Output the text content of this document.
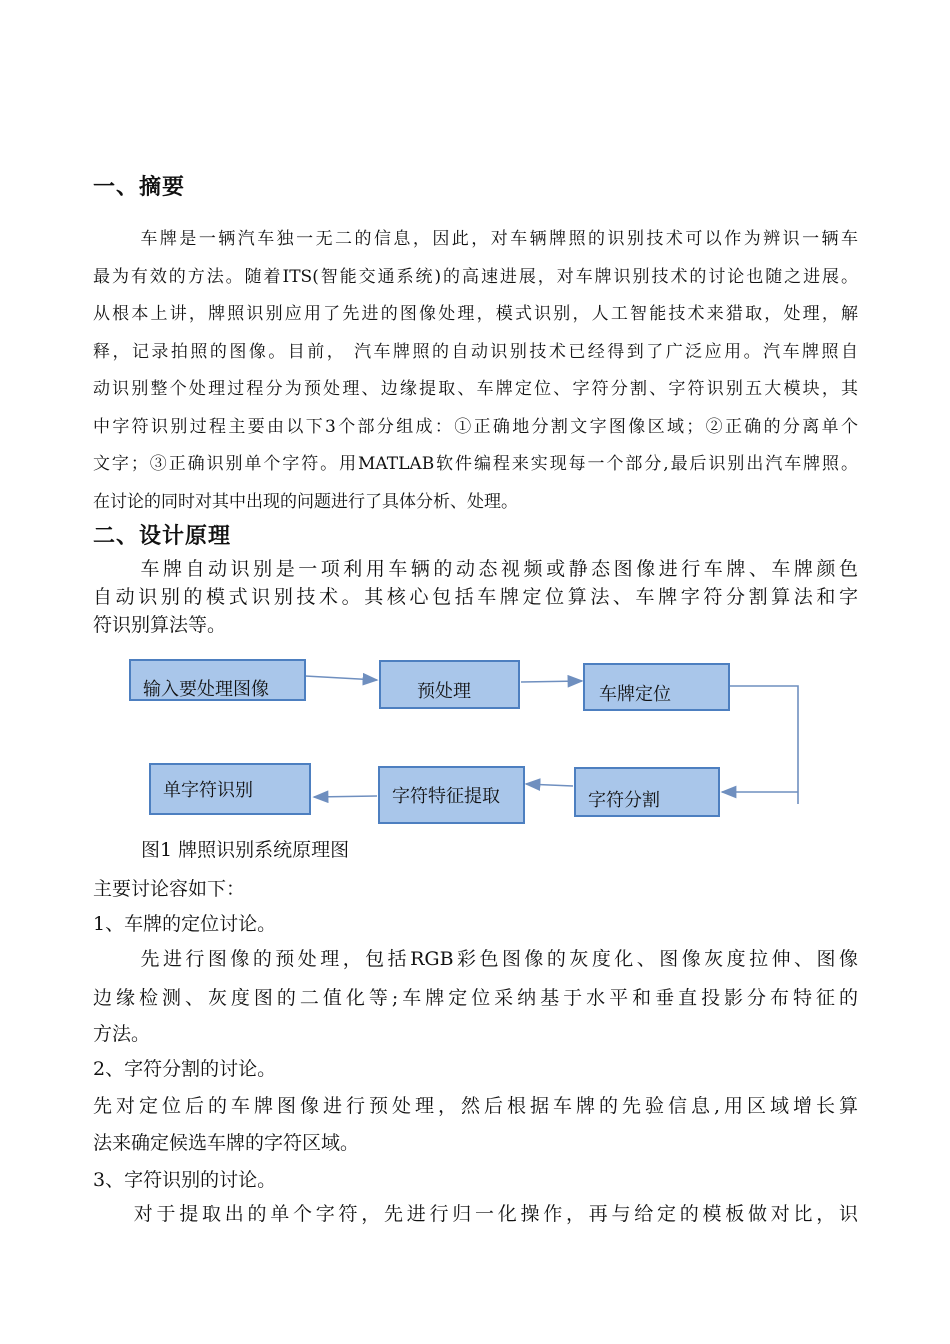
一、摘要
车牌是一辆汽车独一无二的信息，因此，对车辆牌照的识别技术可以作为辨识一辆车
最为有效的方法。随着ITS(智能交通系统)的高速进展，对车牌识别技术的讨论也随之进展。
从根本上讲，牌照识别应用了先进的图像处理，模式识别，人工智能技术来猎取，处理，解
释，记录拍照的图像。目前， 汽车牌照的自动识别技术已经得到了广泛应用。汽车牌照自
动识别整个处理过程分为预处理、边缘提取、车牌定位、字符分割、字符识别五大模块，其
中字符识别过程主要由以下3个部分组成：①正确地分割文字图像区域；②正确的分离单个
文字；③正确识别单个字符。用MATLAB软件编程来实现每一个部分,最后识别出汽车牌照。
在讨论的同时对其中出现的问题进行了具体分析、处理。
二、设计原理
车牌自动识别是一项利用车辆的动态视频或静态图像进行车牌、车牌颜色
自动识别的模式识别技术。其核心包括车牌定位算法、车牌字符分割算法和字
符识别算法等。
输入要处理图像	预处理	车牌定位
字符分割
字符特征提取
单字符识别
图1 牌照识别系统原理图
主要讨论容如下：
1、车牌的定位讨论。
先进行图像的预处理，包括RGB彩色图像的灰度化、图像灰度拉伸、图像
边缘检测、灰度图的二值化等;车牌定位采纳基于水平和垂直投影分布特征的
方法。
2、字符分割的讨论。
先对定位后的车牌图像进行预处理，然后根据车牌的先验信息,用区域增长算
法来确定候选车牌的字符区域。
3、字符识别的讨论。
对于提取出的单个字符，先进行归一化操作，再与给定的模板做对比，识
